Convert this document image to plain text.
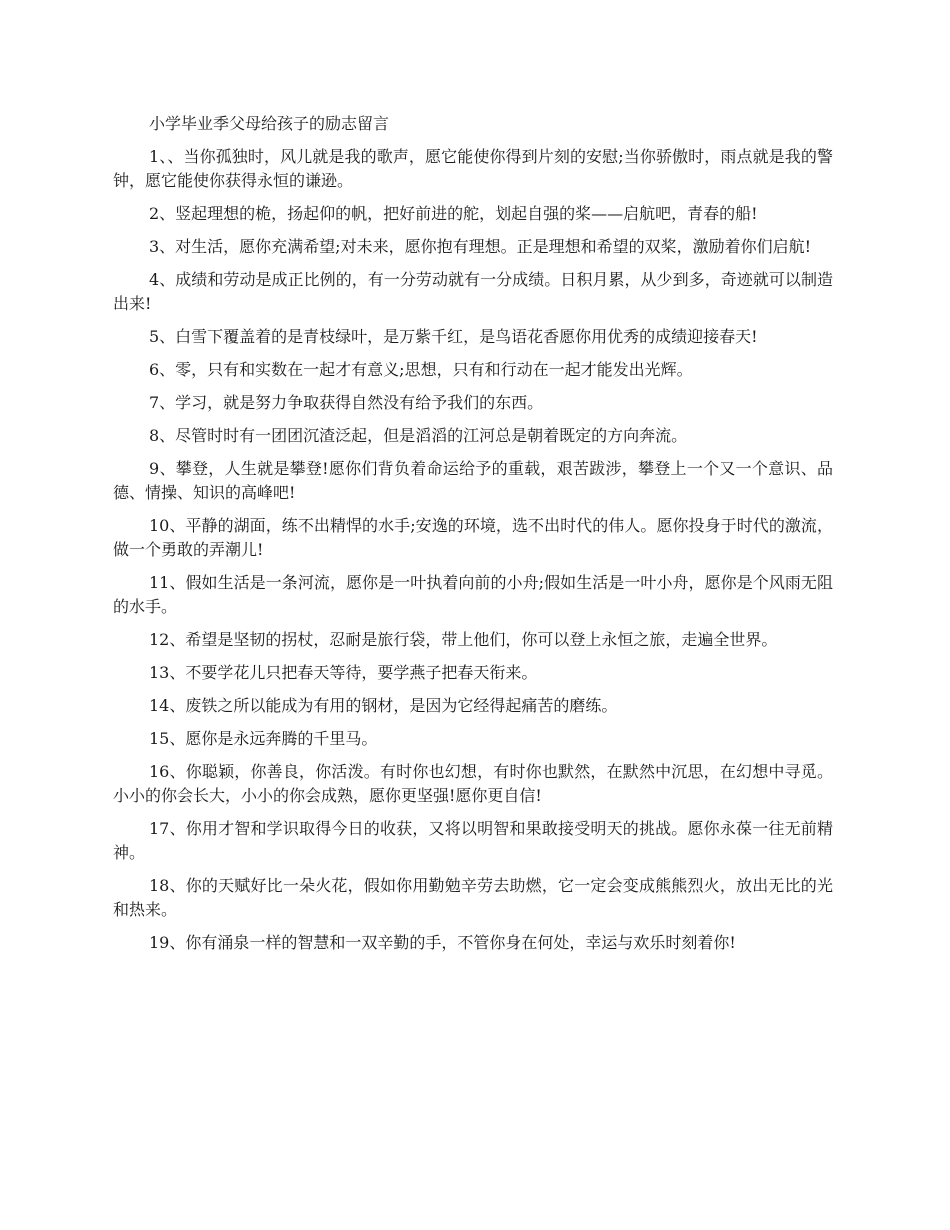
小学毕业季父母给孩子的励志留言

1、、当你孤独时，风儿就是我的歌声，愿它能使你得到片刻的安慰;当你骄傲时，雨点就是我的警钟，愿它能使你获得永恒的谦逊。

2、竖起理想的桅，扬起仰的帆，把好前进的舵，划起自强的桨——启航吧，青春的船!

3、对生活，愿你充满希望;对未来，愿你抱有理想。正是理想和希望的双桨，激励着你们启航!

4、成绩和劳动是成正比例的，有一分劳动就有一分成绩。日积月累，从少到多，奇迹就可以制造出来!

5、白雪下覆盖着的是青枝绿叶，是万紫千红，是鸟语花香愿你用优秀的成绩迎接春天!

6、零，只有和实数在一起才有意义;思想，只有和行动在一起才能发出光辉。

7、学习，就是努力争取获得自然没有给予我们的东西。

8、尽管时时有一团团沉渣泛起，但是滔滔的江河总是朝着既定的方向奔流。

9、攀登，人生就是攀登!愿你们背负着命运给予的重载，艰苦跋涉，攀登上一个又一个意识、品德、情操、知识的高峰吧!

10、平静的湖面，练不出精悍的水手;安逸的环境，选不出时代的伟人。愿你投身于时代的激流，做一个勇敢的弄潮儿!

11、假如生活是一条河流，愿你是一叶执着向前的小舟;假如生活是一叶小舟，愿你是个风雨无阻的水手。

12、希望是坚韧的拐杖，忍耐是旅行袋，带上他们，你可以登上永恒之旅，走遍全世界。

13、不要学花儿只把春天等待，要学燕子把春天衔来。

14、废铁之所以能成为有用的钢材，是因为它经得起痛苦的磨练。

15、愿你是永远奔腾的千里马。

16、你聪颖，你善良，你活泼。有时你也幻想，有时你也默然，在默然中沉思，在幻想中寻觅。小小的你会长大，小小的你会成熟，愿你更坚强!愿你更自信!

17、你用才智和学识取得今日的收获，又将以明智和果敢接受明天的挑战。愿你永葆一往无前精神。

18、你的天赋好比一朵火花，假如你用勤勉辛劳去助燃，它一定会变成熊熊烈火，放出无比的光和热来。

19、你有涌泉一样的智慧和一双辛勤的手，不管你身在何处，幸运与欢乐时刻着你!
